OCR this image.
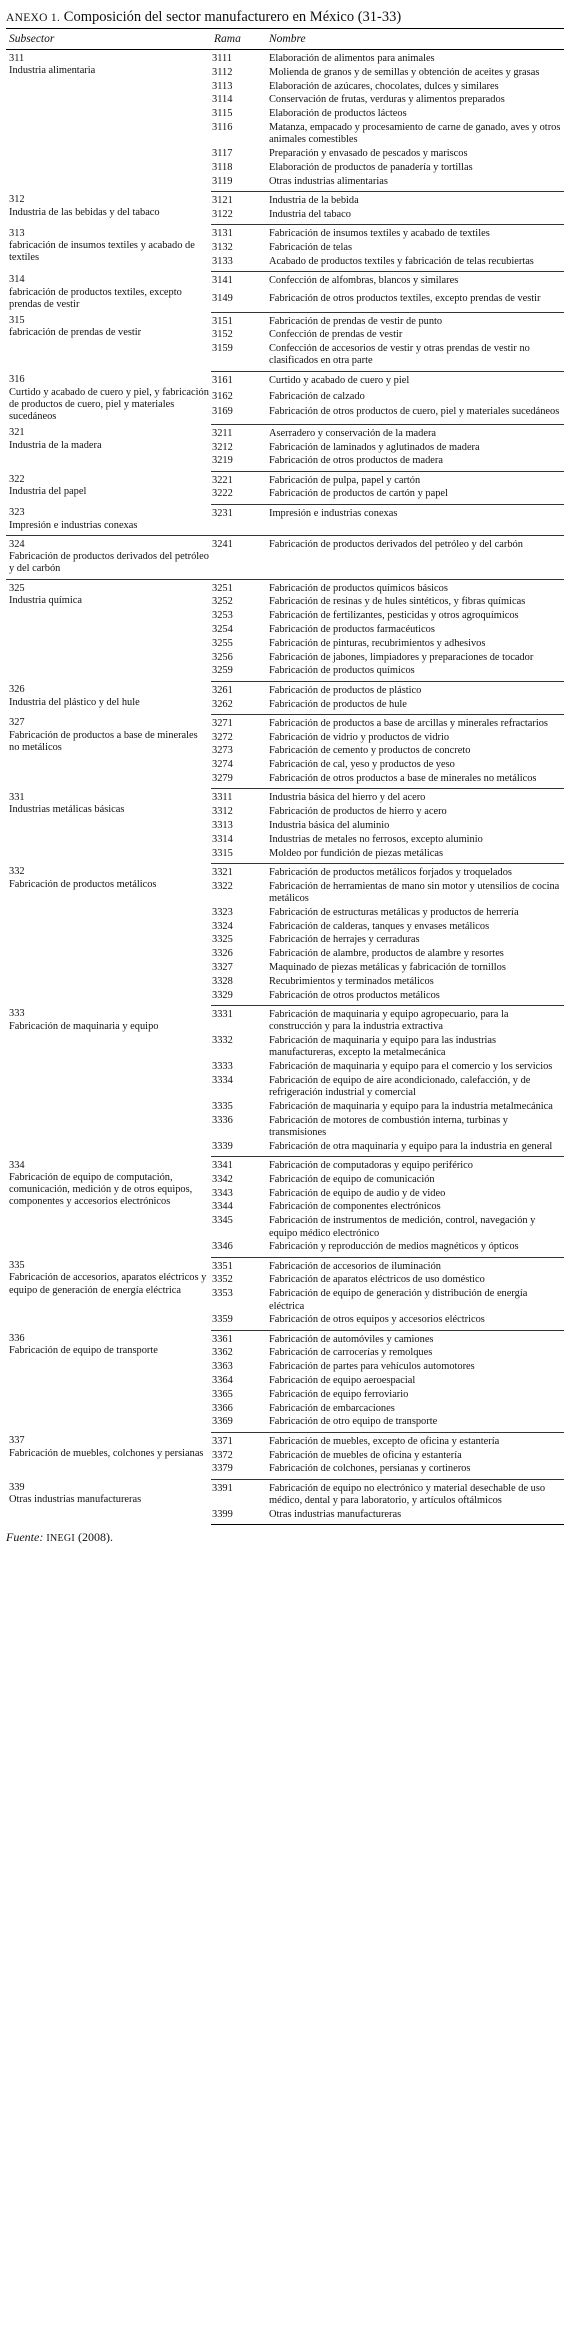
ANEXO 1. Composición del sector manufacturero en México (31-33)
Subsector	Rama	Nombre

311
Industria alimentaria	3111	Elaboración de alimentos para animales
	3112	Molienda de granos y de semillas y obtención de aceites y grasas
	3113	Elaboración de azúcares, chocolates, dulces y similares
	3114	Conservación de frutas, verduras y alimentos preparados
	3115	Elaboración de productos lácteos
	3116	Matanza, empacado y procesamiento de carne de ganado, aves y otros animales comestibles
	3117	Preparación y envasado de pescados y mariscos
	3118	Elaboración de productos de panadería y tortillas
	3119	Otras industrias alimentarias

312
Industria de las bebidas y del tabaco	3121	Industria de la bebida
	3122	Industria del tabaco

313
fabricación de insumos textiles y acabado de textiles	3131	Fabricación de insumos textiles y acabado de textiles
	3132	Fabricación de telas
	3133	Acabado de productos textiles y fabricación de telas recubiertas

314
fabricación de productos textiles, excepto prendas de vestir	3141	Confección de alfombras, blancos y similares
	3149	Fabricación de otros productos textiles, excepto prendas de vestir

315
fabricación de prendas de vestir	3151	Fabricación de prendas de vestir de punto
	3152	Confección de prendas de vestir
	3159	Confección de accesorios de vestir y otras prendas de vestir no clasificados en otra parte

316
Curtido y acabado de cuero y piel, y fabricación de productos de cuero, piel y materiales sucedáneos	3161	Curtido y acabado de cuero y piel
	3162	Fabricación de calzado
	3169	Fabricación de otros productos de cuero, piel y materiales sucedáneos

321
Industria de la madera	3211	Aserradero y conservación de la madera
	3212	Fabricación de laminados y aglutinados de madera
	3219	Fabricación de otros productos de madera

322
Industria del papel	3221	Fabricación de pulpa, papel y cartón
	3222	Fabricación de productos de cartón y papel

323
Impresión e industrias conexas	3231	Impresión e industrias conexas

324
Fabricación de productos derivados del petróleo y del carbón	3241	Fabricación de productos derivados del petróleo y del carbón

325
Industria química	3251	Fabricación de productos químicos básicos
	3252	Fabricación de resinas y de hules sintéticos, y fibras químicas
	3253	Fabricación de fertilizantes, pesticidas y otros agroquímicos
	3254	Fabricación de productos farmacéuticos
	3255	Fabricación de pinturas, recubrimientos y adhesivos
	3256	Fabricación de jabones, limpiadores y preparaciones de tocador
	3259	Fabricación de productos químicos

326
Industria del plástico y del hule	3261	Fabricación de productos de plástico
	3262	Fabricación de productos de hule

327
Fabricación de productos a base de minerales no metálicos	3271	Fabricación de productos a base de arcillas y minerales refractarios
	3272	Fabricación de vidrio y productos de vidrio
	3273	Fabricación de cemento y productos de concreto
	3274	Fabricación de cal, yeso y productos de yeso
	3279	Fabricación de otros productos a base de minerales no metálicos

331
Industrias metálicas básicas	3311	Industria básica del hierro y del acero
	3312	Fabricación de productos de hierro y acero
	3313	Industria básica del aluminio
	3314	Industrias de metales no ferrosos, excepto aluminio
	3315	Moldeo por fundición de piezas metálicas

332
Fabricación de productos metálicos	3321	Fabricación de productos metálicos forjados y troquelados
	3322	Fabricación de herramientas de mano sin motor y utensilios de cocina metálicos
	3323	Fabricación de estructuras metálicas y productos de herrería
	3324	Fabricación de calderas, tanques y envases metálicos
	3325	Fabricación de herrajes y cerraduras
	3326	Fabricación de alambre, productos de alambre y resortes
	3327	Maquinado de piezas metálicas y fabricación de tornillos
	3328	Recubrimientos y terminados metálicos
	3329	Fabricación de otros productos metálicos

333
Fabricación de maquinaria y equipo	3331	Fabricación de maquinaria y equipo agropecuario, para la construcción y para la industria extractiva
	3332	Fabricación de maquinaria y equipo para las industrias manufactureras, excepto la metalmecánica
	3333	Fabricación de maquinaria y equipo para el comercio y los servicios
	3334	Fabricación de equipo de aire acondicionado, calefacción, y de refrigeración industrial y comercial
	3335	Fabricación de maquinaria y equipo para la industria metalmecánica
	3336	Fabricación de motores de combustión interna, turbinas y transmisiones
	3339	Fabricación de otra maquinaria y equipo para la industria en general

334
Fabricación de equipo de computación, comunicación, medición y de otros equipos, componentes y accesorios electrónicos	3341	Fabricación de computadoras y equipo periférico
	3342	Fabricación de equipo de comunicación
	3343	Fabricación de equipo de audio y de video
	3344	Fabricación de componentes electrónicos
	3345	Fabricación de instrumentos de medición, control, navegación y equipo médico electrónico
	3346	Fabricación y reproducción de medios magnéticos y ópticos

335
Fabricación de accesorios, aparatos eléctricos y equipo de generación de energía eléctrica	3351	Fabricación de accesorios de iluminación
	3352	Fabricación de aparatos eléctricos de uso doméstico
	3353	Fabricación de equipo de generación y distribución de energía eléctrica
	3359	Fabricación de otros equipos y accesorios eléctricos

336
Fabricación de equipo de transporte	3361	Fabricación de automóviles y camiones
	3362	Fabricación de carrocerías y remolques
	3363	Fabricación de partes para vehículos automotores
	3364	Fabricación de equipo aeroespacial
	3365	Fabricación de equipo ferroviario
	3366	Fabricación de embarcaciones
	3369	Fabricación de otro equipo de transporte

337
Fabricación de muebles, colchones y persianas	3371	Fabricación de muebles, excepto de oficina y estantería
	3372	Fabricación de muebles de oficina y estantería
	3379	Fabricación de colchones, persianas y cortineros

339
Otras industrias manufactureras	3391	Fabricación de equipo no electrónico y material desechable de uso médico, dental y para laboratorio, y artículos oftálmicos
	3399	Otras industrias manufactureras
Fuente: INEGI (2008).
